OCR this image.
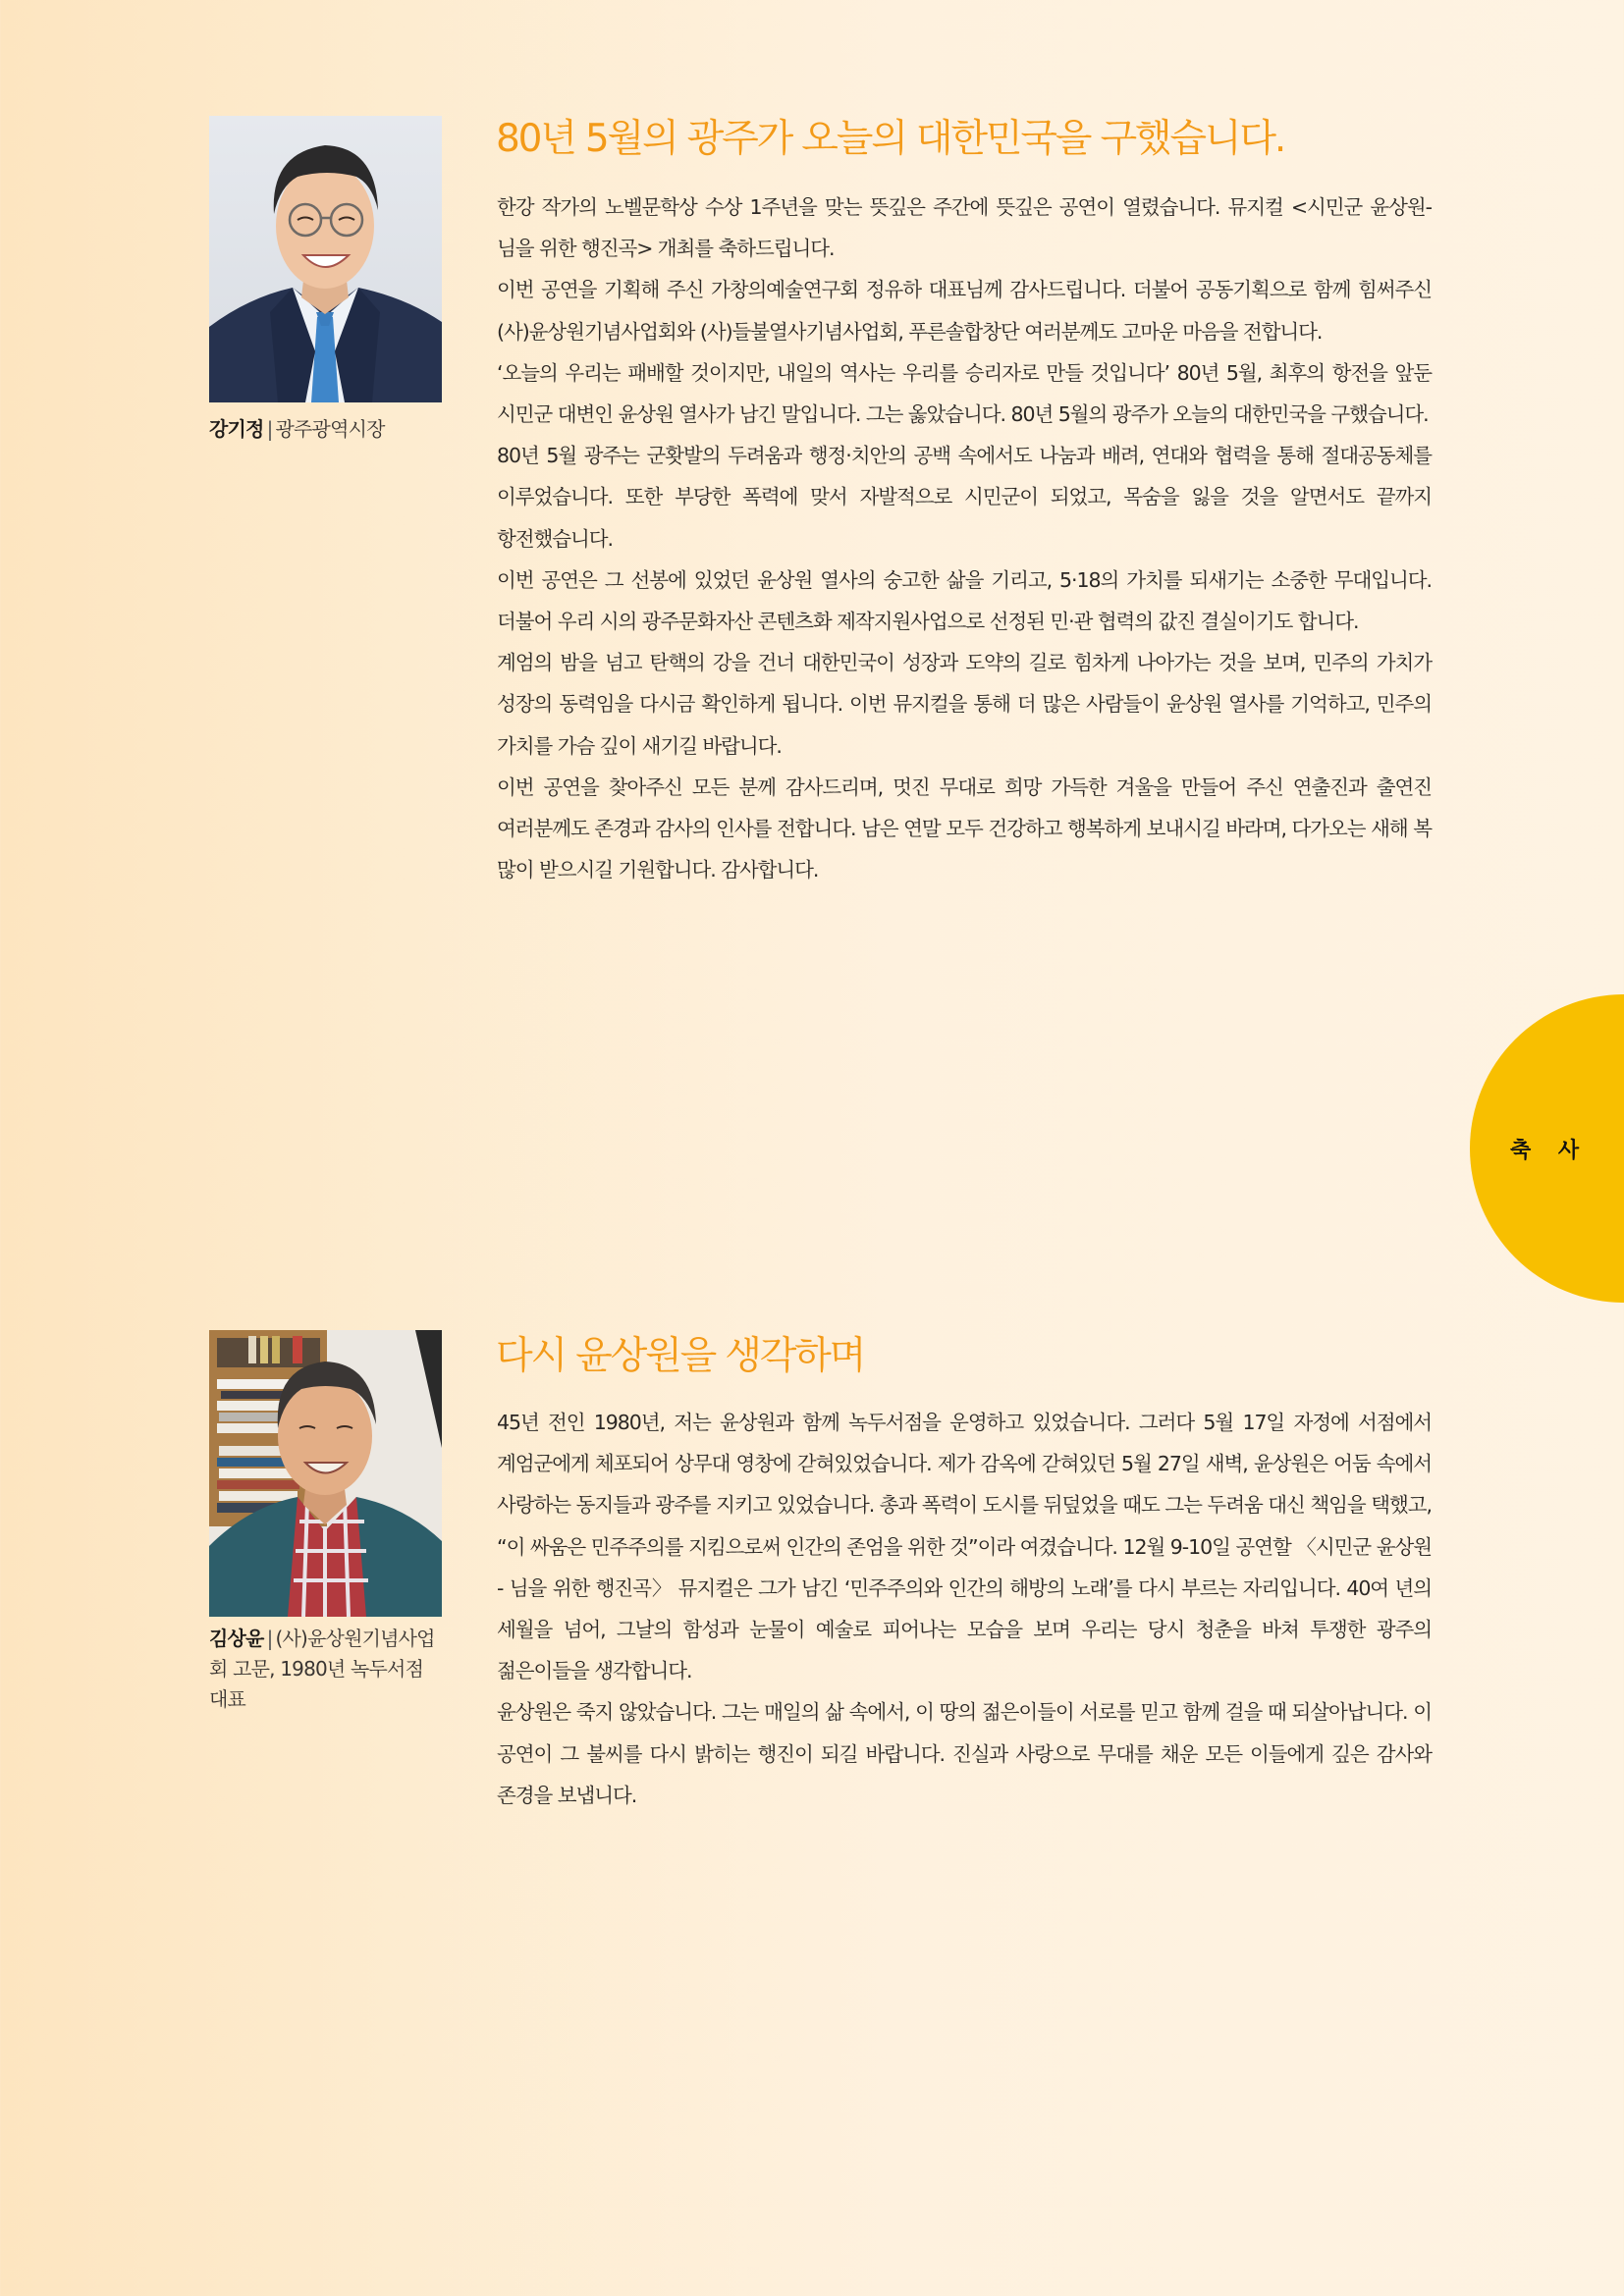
강기정 | 광주광역시장
80년 5월의 광주가 오늘의 대한민국을 구했습니다.

한강 작가의 노벨문학상 수상 1주년을 맞는 뜻깊은 주간에 뜻깊은 공연이 열렸습니다. 뮤지컬 <시민군 윤상원-님을 위한 행진곡> 개최를 축하드립니다.

이번 공연을 기획해 주신 가창의예술연구회 정유하 대표님께 감사드립니다. 더불어 공동기획으로 함께 힘써주신 (사)윤상원기념사업회와 (사)들불열사기념사업회, 푸른솔합창단 여러분께도 고마운 마음을 전합니다.

‘오늘의 우리는 패배할 것이지만, 내일의 역사는 우리를 승리자로 만들 것입니다’ 80년 5월, 최후의 항전을 앞둔 시민군 대변인 윤상원 열사가 남긴 말입니다. 그는 옳았습니다. 80년 5월의 광주가 오늘의 대한민국을 구했습니다.

80년 5월 광주는 군홧발의 두려움과 행정·치안의 공백 속에서도 나눔과 배려, 연대와 협력을 통해 절대공동체를 이루었습니다. 또한 부당한 폭력에 맞서 자발적으로 시민군이 되었고, 목숨을 잃을 것을 알면서도 끝까지 항전했습니다.

이번 공연은 그 선봉에 있었던 윤상원 열사의 숭고한 삶을 기리고, 5·18의 가치를 되새기는 소중한 무대입니다. 더불어 우리 시의 광주문화자산 콘텐츠화 제작지원사업으로 선정된 민·관 협력의 값진 결실이기도 합니다.

계엄의 밤을 넘고 탄핵의 강을 건너 대한민국이 성장과 도약의 길로 힘차게 나아가는 것을 보며, 민주의 가치가 성장의 동력임을 다시금 확인하게 됩니다. 이번 뮤지컬을 통해 더 많은 사람들이 윤상원 열사를 기억하고, 민주의 가치를 가슴 깊이 새기길 바랍니다.

이번 공연을 찾아주신 모든 분께 감사드리며, 멋진 무대로 희망 가득한 겨울을 만들어 주신 연출진과 출연진 여러분께도 존경과 감사의 인사를 전합니다. 남은 연말 모두 건강하고 행복하게 보내시길 바라며, 다가오는 새해 복 많이 받으시길 기원합니다. 감사합니다.

축 사
김상윤 | (사)윤상원기념사업회 고문, 1980년 녹두서점 대표
다시 윤상원을 생각하며

45년 전인 1980년, 저는 윤상원과 함께 녹두서점을 운영하고 있었습니다. 그러다 5월 17일 자정에 서점에서 계엄군에게 체포되어 상무대 영창에 갇혀있었습니다. 제가 감옥에 갇혀있던 5월 27일 새벽, 윤상원은 어둠 속에서 사랑하는 동지들과 광주를 지키고 있었습니다. 총과 폭력이 도시를 뒤덮었을 때도 그는 두려움 대신 책임을 택했고, “이 싸움은 민주주의를 지킴으로써 인간의 존엄을 위한 것”이라 여겼습니다. 12월 9-10일 공연할 〈시민군 윤상원 - 님을 위한 행진곡〉 뮤지컬은 그가 남긴 ‘민주주의와 인간의 해방의 노래’를 다시 부르는 자리입니다. 40여 년의 세월을 넘어, 그날의 함성과 눈물이 예술로 피어나는 모습을 보며 우리는 당시 청춘을 바쳐 투쟁한 광주의 젊은이들을 생각합니다.

윤상원은 죽지 않았습니다. 그는 매일의 삶 속에서, 이 땅의 젊은이들이 서로를 믿고 함께 걸을 때 되살아납니다. 이 공연이 그 불씨를 다시 밝히는 행진이 되길 바랍니다. 진실과 사랑으로 무대를 채운 모든 이들에게 깊은 감사와 존경을 보냅니다.
